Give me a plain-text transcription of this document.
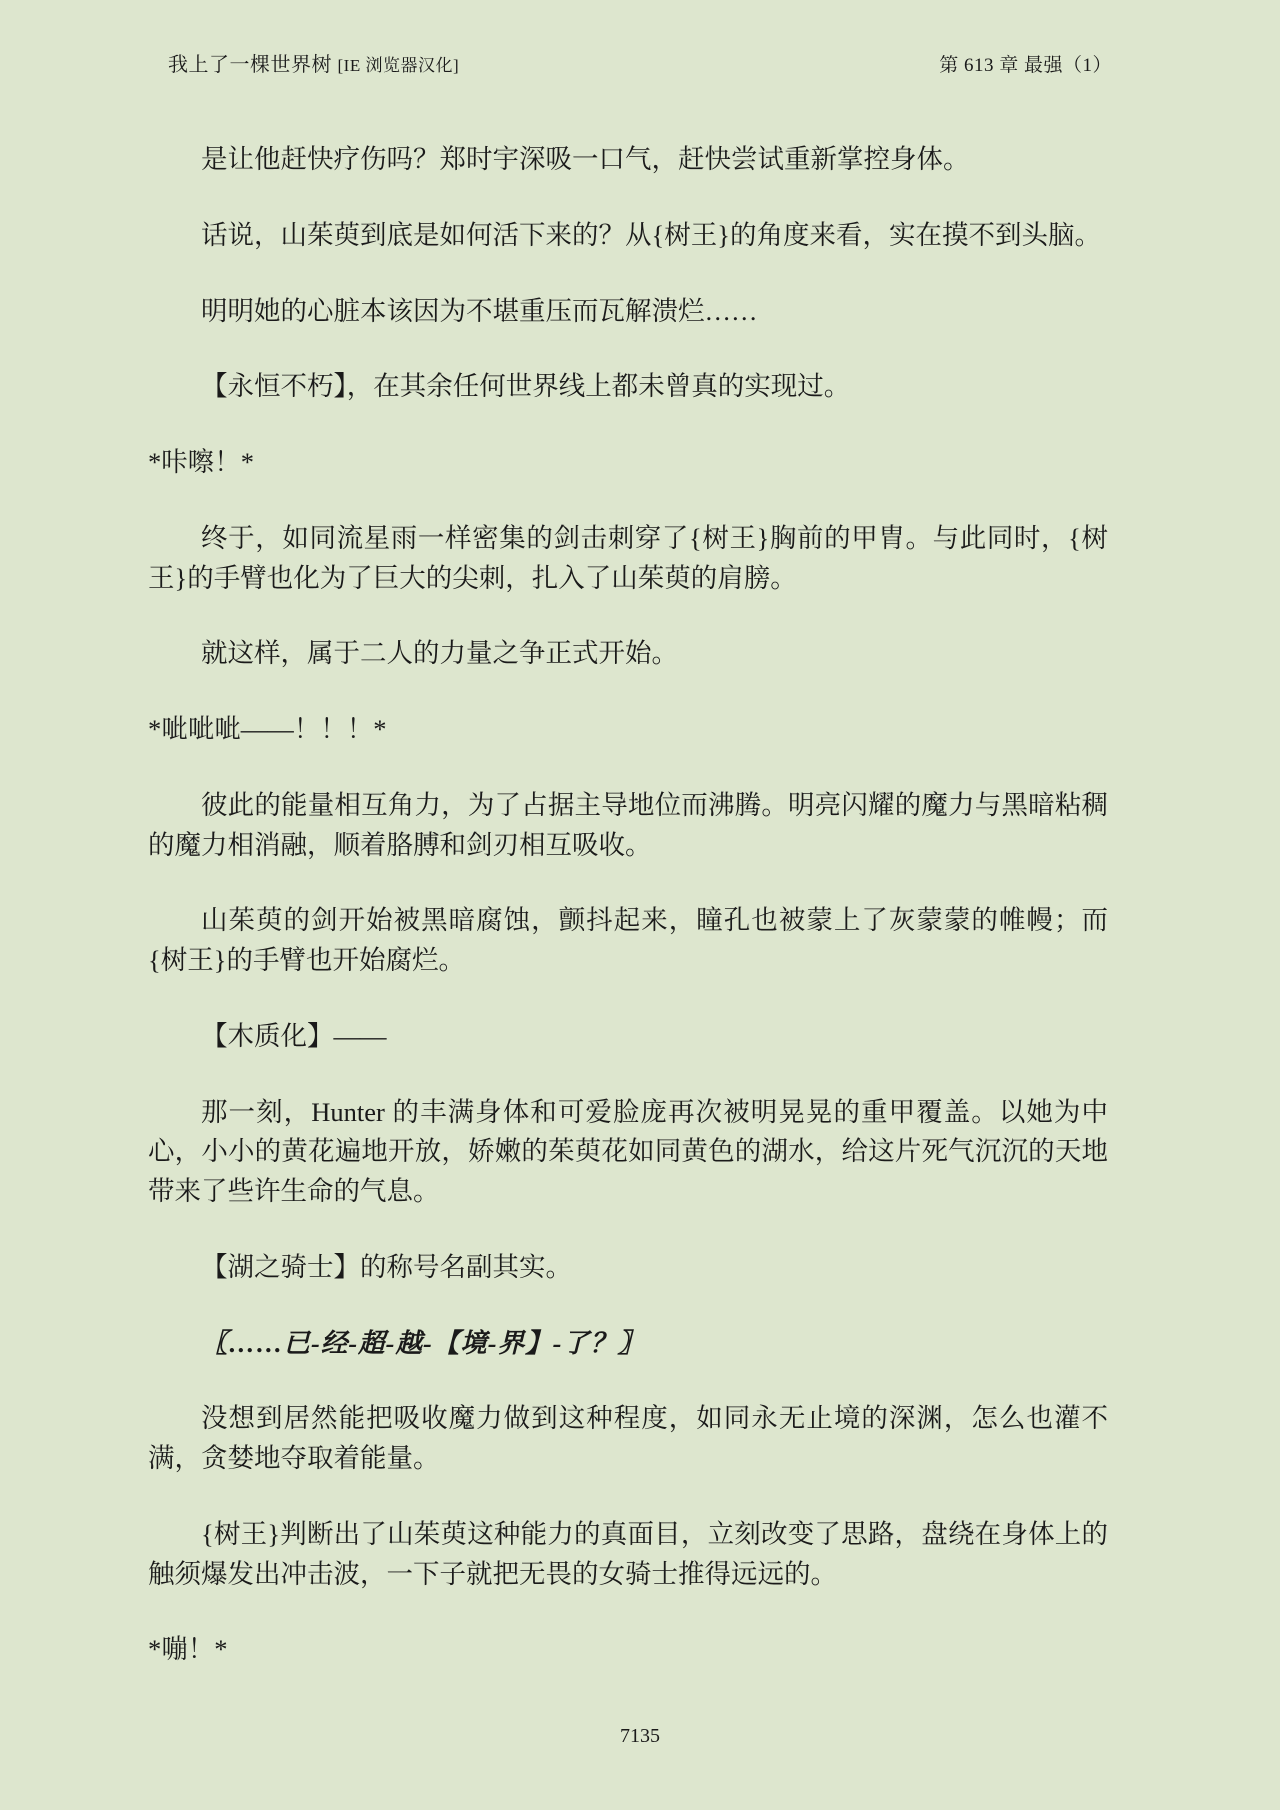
我上了一棵世界树 [IE 浏览器汉化]	第 613 章 最强（1）

是让他赶快疗伤吗？郑时宇深吸一口气，赶快尝试重新掌控身体。

话说，山茱萸到底是如何活下来的？从{树王}的角度来看，实在摸不到头脑。

明明她的心脏本该因为不堪重压而瓦解溃烂……

【永恒不朽】，在其余任何世界线上都未曾真的实现过。

*咔嚓！*

终于，如同流星雨一样密集的剑击刺穿了{树王}胸前的甲胄。与此同时，{树王}的手臂也化为了巨大的尖刺，扎入了山茱萸的肩膀。

就这样，属于二人的力量之争正式开始。

*呲呲呲——！！！*

彼此的能量相互角力，为了占据主导地位而沸腾。明亮闪耀的魔力与黑暗粘稠的魔力相消融，顺着胳膊和剑刃相互吸收。

山茱萸的剑开始被黑暗腐蚀，颤抖起来，瞳孔也被蒙上了灰蒙蒙的帷幔；而{树王}的手臂也开始腐烂。

【木质化】——

那一刻，Hunter 的丰满身体和可爱脸庞再次被明晃晃的重甲覆盖。以她为中心，小小的黄花遍地开放，娇嫩的茱萸花如同黄色的湖水，给这片死气沉沉的天地带来了些许生命的气息。

【湖之骑士】的称号名副其实。

〖……已-经-超-越-【境-界】-了？〗

没想到居然能把吸收魔力做到这种程度，如同永无止境的深渊，怎么也灌不满，贪婪地夺取着能量。

{树王}判断出了山茱萸这种能力的真面目，立刻改变了思路，盘绕在身体上的触须爆发出冲击波，一下子就把无畏的女骑士推得远远的。

*嘣！*

7135
